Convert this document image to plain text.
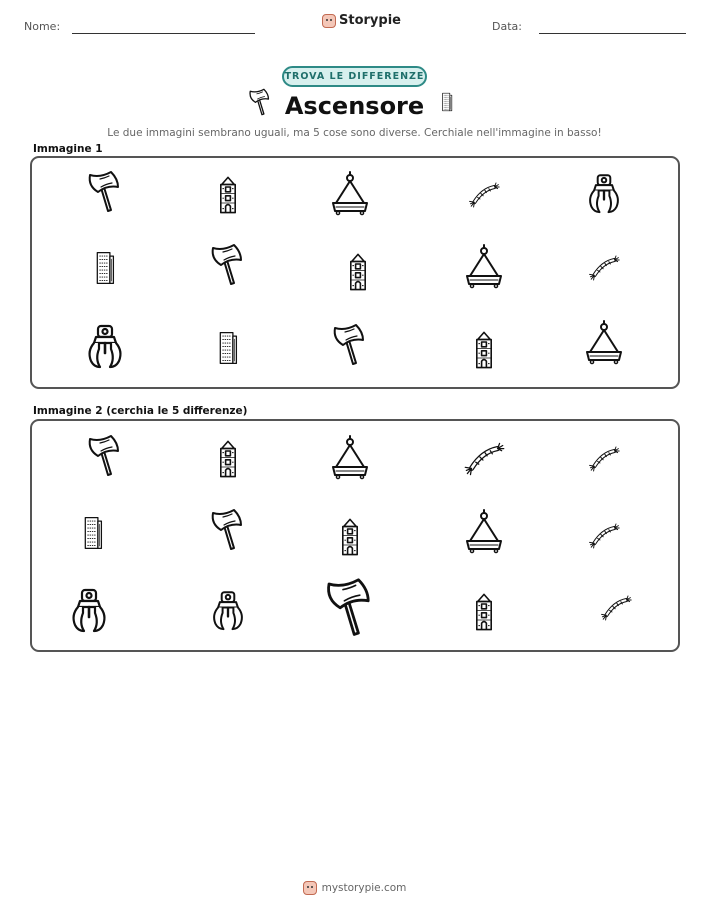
Nome:	Storypie	Data:
TROVA LE DIFFERENZE
Ascensore
Le due immagini sembrano uguali, ma 5 cose sono diverse. Cerchiale nell'immagine in basso!
Immagine 1
Immagine 2 (cerchia le 5 differenze)
mystorypie.com
